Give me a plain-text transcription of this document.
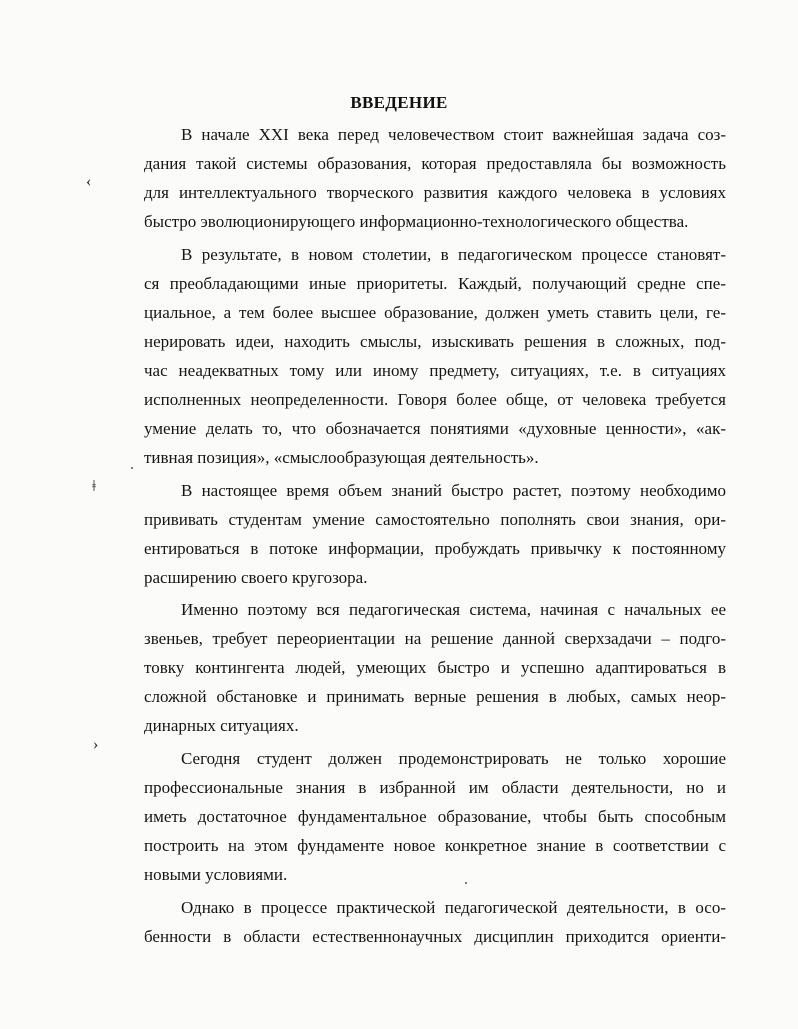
ВВЕДЕНИЕ
В начале XXI века перед человечеством стоит важнейшая задача соз-
дания такой системы образования, которая предоставляла бы возможность
для интеллектуального творческого развития каждого человека в условиях
быстро эволюционирующего информационно-технологического общества.
В результате, в новом столетии, в педагогическом процессе становят-
ся преобладающими иные приоритеты. Каждый, получающий средне спе-
циальное, а тем более высшее образование, должен уметь ставить цели, ге-
нерировать идеи, находить смыслы, изыскивать решения в сложных, под-
час неадекватных тому или иному предмету, ситуациях, т.е. в ситуациях
исполненных неопределенности. Говоря более обще, от человека требуется
умение делать то, что обозначается понятиями «духовные ценности», «ак-
тивная позиция», «смыслообразующая деятельность».
В настоящее время объем знаний быстро растет, поэтому необходимо
прививать студентам умение самостоятельно пополнять свои знания, ори-
ентироваться в потоке информации, пробуждать привычку к постоянному
расширению своего кругозора.
Именно поэтому вся педагогическая система, начиная с начальных ее
звеньев, требует переориентации на решение данной сверхзадачи – подго-
товку контингента людей, умеющих быстро и успешно адаптироваться в
сложной обстановке и принимать верные решения в любых, самых неор-
динарных ситуациях.
Сегодня студент должен продемонстрировать не только хорошие
профессиональные знания в избранной им области деятельности, но и
иметь достаточное фундаментальное образование, чтобы быть способным
построить на этом фундаменте новое конкретное знание в соответствии с
новыми условиями.
Однако в процессе практической педагогической деятельности, в осо-
бенности в области естественнонаучных дисциплин приходится ориенти-
‹
ǂ
›
